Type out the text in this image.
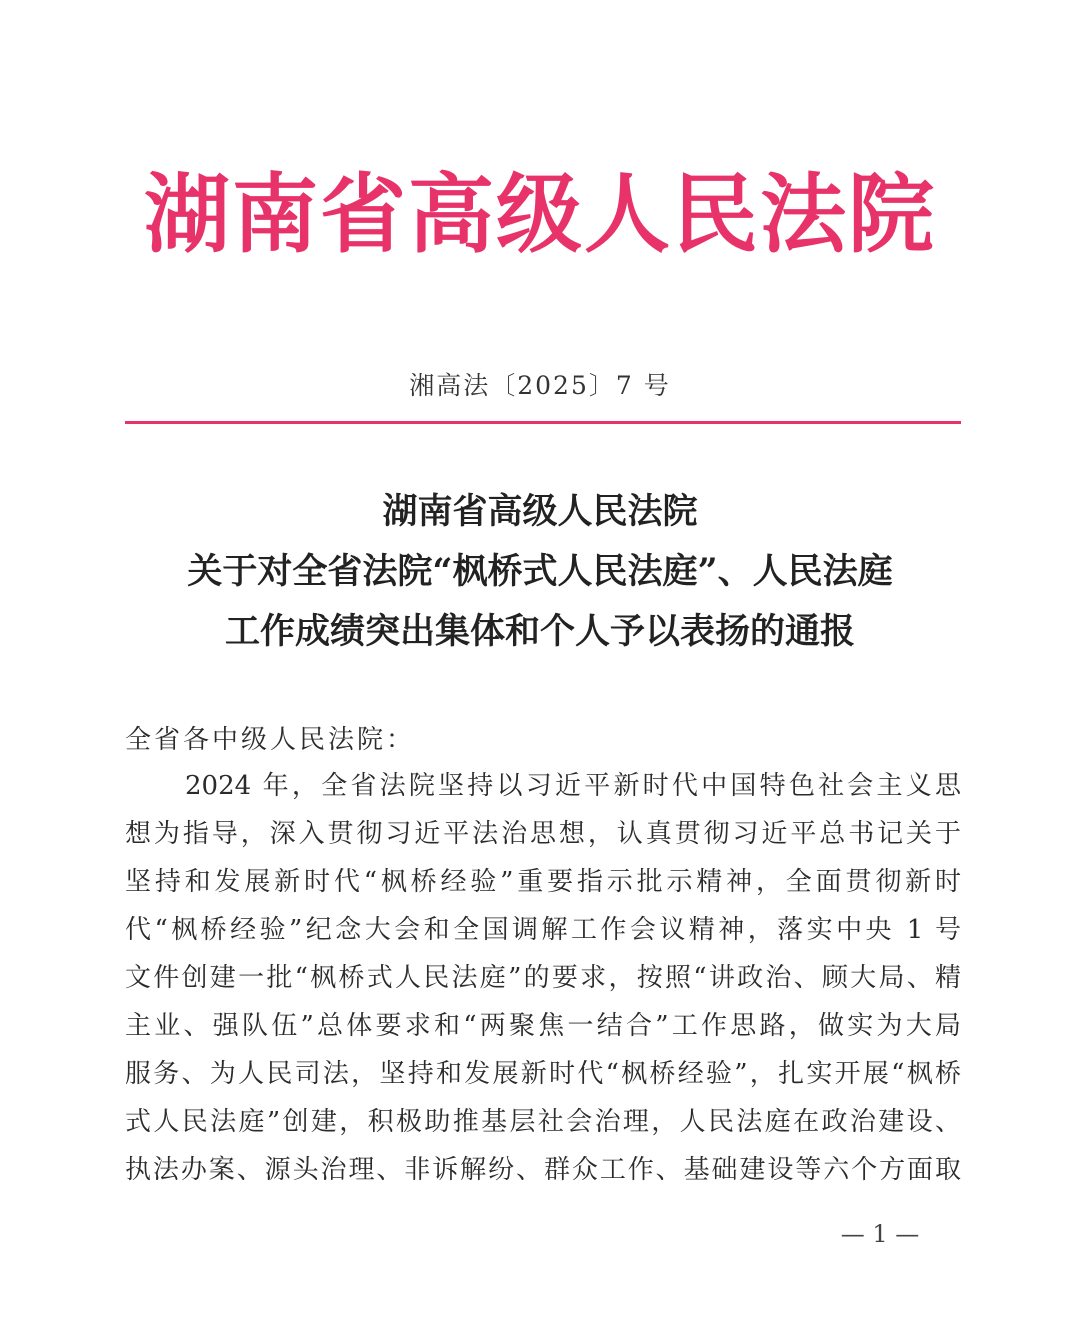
湖南省高级人民法院
湘高法〔2025〕7 号
湖南省高级人民法院
关于对全省法院“枫桥式人民法庭”、人民法庭
工作成绩突出集体和个人予以表扬的通报
全省各中级人民法院：
2024 年，全省法院坚持以习近平新时代中国特色社会主义思
想为指导，深入贯彻习近平法治思想，认真贯彻习近平总书记关于
坚持和发展新时代“枫桥经验”重要指示批示精神，全面贯彻新时
代“枫桥经验”纪念大会和全国调解工作会议精神，落实中央 1 号
文件创建一批“枫桥式人民法庭”的要求，按照“讲政治、顾大局、精
主业、强队伍”总体要求和“两聚焦一结合”工作思路，做实为大局
服务、为人民司法，坚持和发展新时代“枫桥经验”，扎实开展“枫桥
式人民法庭”创建，积极助推基层社会治理，人民法庭在政治建设、
执法办案、源头治理、非诉解纷、群众工作、基础建设等六个方面取
— 1 —
